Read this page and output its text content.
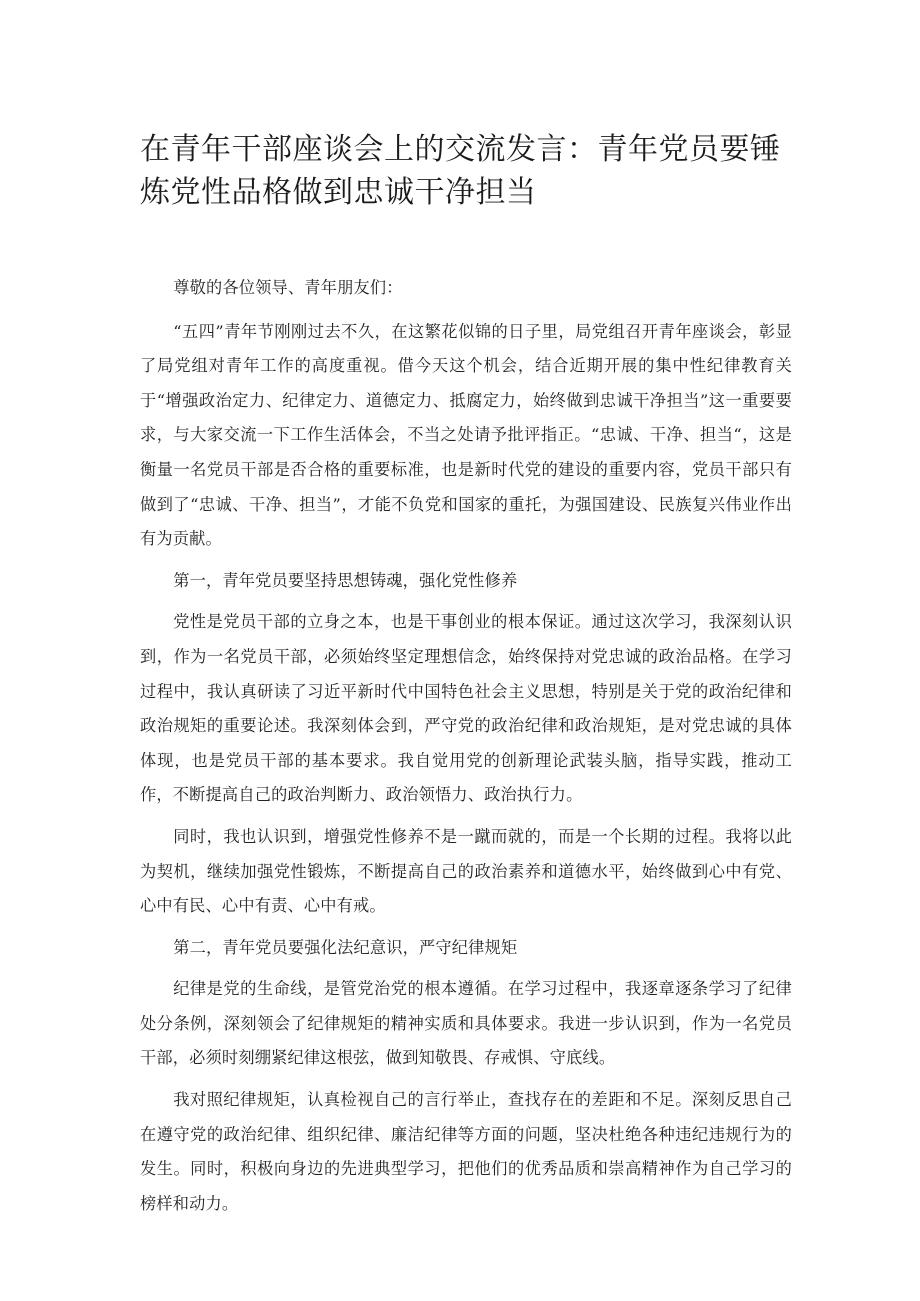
在青年干部座谈会上的交流发言：青年党员要锤炼党性品格做到忠诚干净担当

尊敬的各位领导、青年朋友们：

“五四”青年节刚刚过去不久，在这繁花似锦的日子里，局党组召开青年座谈会，彰显了局党组对青年工作的高度重视。借今天这个机会，结合近期开展的集中性纪律教育关于“增强政治定力、纪律定力、道德定力、抵腐定力，始终做到忠诚干净担当”这一重要要求，与大家交流一下工作生活体会，不当之处请予批评指正。“忠诚、干净、担当“，这是衡量一名党员干部是否合格的重要标准，也是新时代党的建设的重要内容，党员干部只有做到了“忠诚、干净、担当”，才能不负党和国家的重托，为强国建设、民族复兴伟业作出有为贡献。

第一，青年党员要坚持思想铸魂，强化党性修养

党性是党员干部的立身之本，也是干事创业的根本保证。通过这次学习，我深刻认识到，作为一名党员干部，必须始终坚定理想信念，始终保持对党忠诚的政治品格。在学习过程中，我认真研读了习近平新时代中国特色社会主义思想，特别是关于党的政治纪律和政治规矩的重要论述。我深刻体会到，严守党的政治纪律和政治规矩，是对党忠诚的具体体现，也是党员干部的基本要求。我自觉用党的创新理论武装头脑，指导实践，推动工作，不断提高自己的政治判断力、政治领悟力、政治执行力。

同时，我也认识到，增强党性修养不是一蹴而就的，而是一个长期的过程。我将以此为契机，继续加强党性锻炼，不断提高自己的政治素养和道德水平，始终做到心中有党、心中有民、心中有责、心中有戒。

第二，青年党员要强化法纪意识，严守纪律规矩

纪律是党的生命线，是管党治党的根本遵循。在学习过程中，我逐章逐条学习了纪律处分条例，深刻领会了纪律规矩的精神实质和具体要求。我进一步认识到，作为一名党员干部，必须时刻绷紧纪律这根弦，做到知敬畏、存戒惧、守底线。

我对照纪律规矩，认真检视自己的言行举止，查找存在的差距和不足。深刻反思自己在遵守党的政治纪律、组织纪律、廉洁纪律等方面的问题，坚决杜绝各种违纪违规行为的发生。同时，积极向身边的先进典型学习，把他们的优秀品质和崇高精神作为自己学习的榜样和动力。
